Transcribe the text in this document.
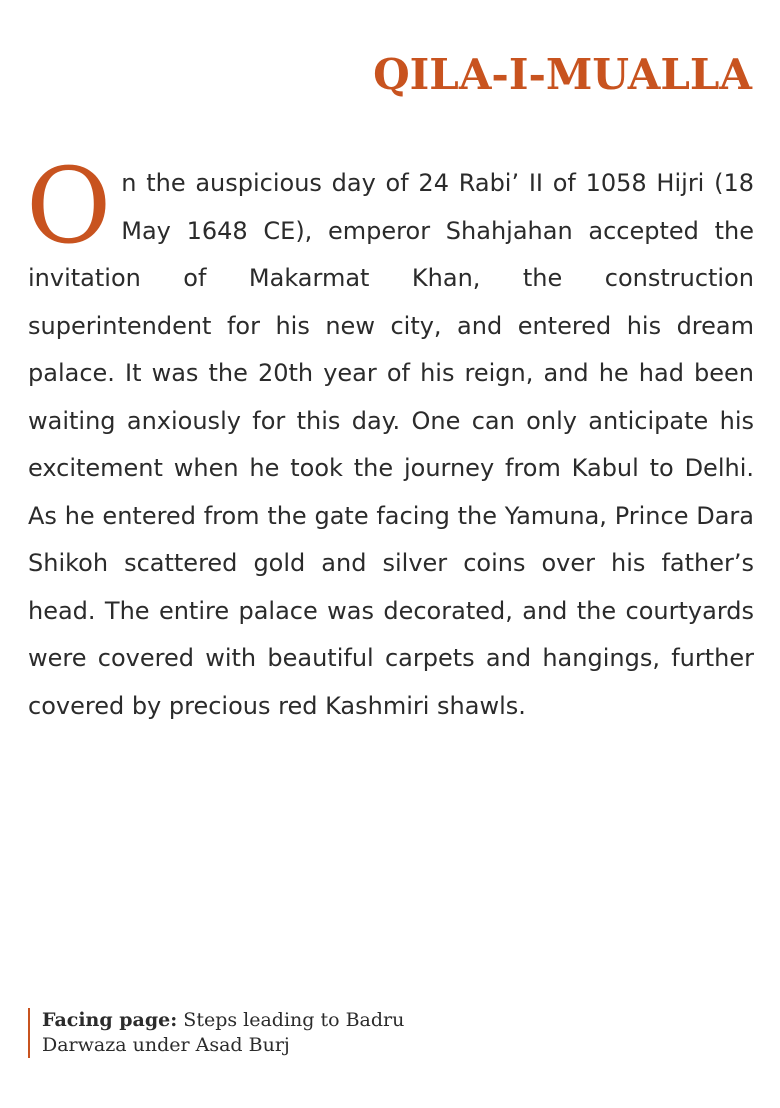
QILA-I-MUALLA

On the auspicious day of 24 Rabi’ II of 1058 Hijri (18 May 1648 CE), emperor Shahjahan accepted the invitation of Makarmat Khan, the construction superintendent for his new city, and entered his dream palace. It was the 20th year of his reign, and he had been waiting anxiously for this day. One can only anticipate his excitement when he took the journey from Kabul to Delhi. As he entered from the gate facing the Yamuna, Prince Dara Shikoh scattered gold and silver coins over his father’s head. The entire palace was decorated, and the courtyards were covered with beautiful carpets and hangings, further covered by precious red Kashmiri shawls.

Facing page: Steps leading to Badru Darwaza under Asad Burj
